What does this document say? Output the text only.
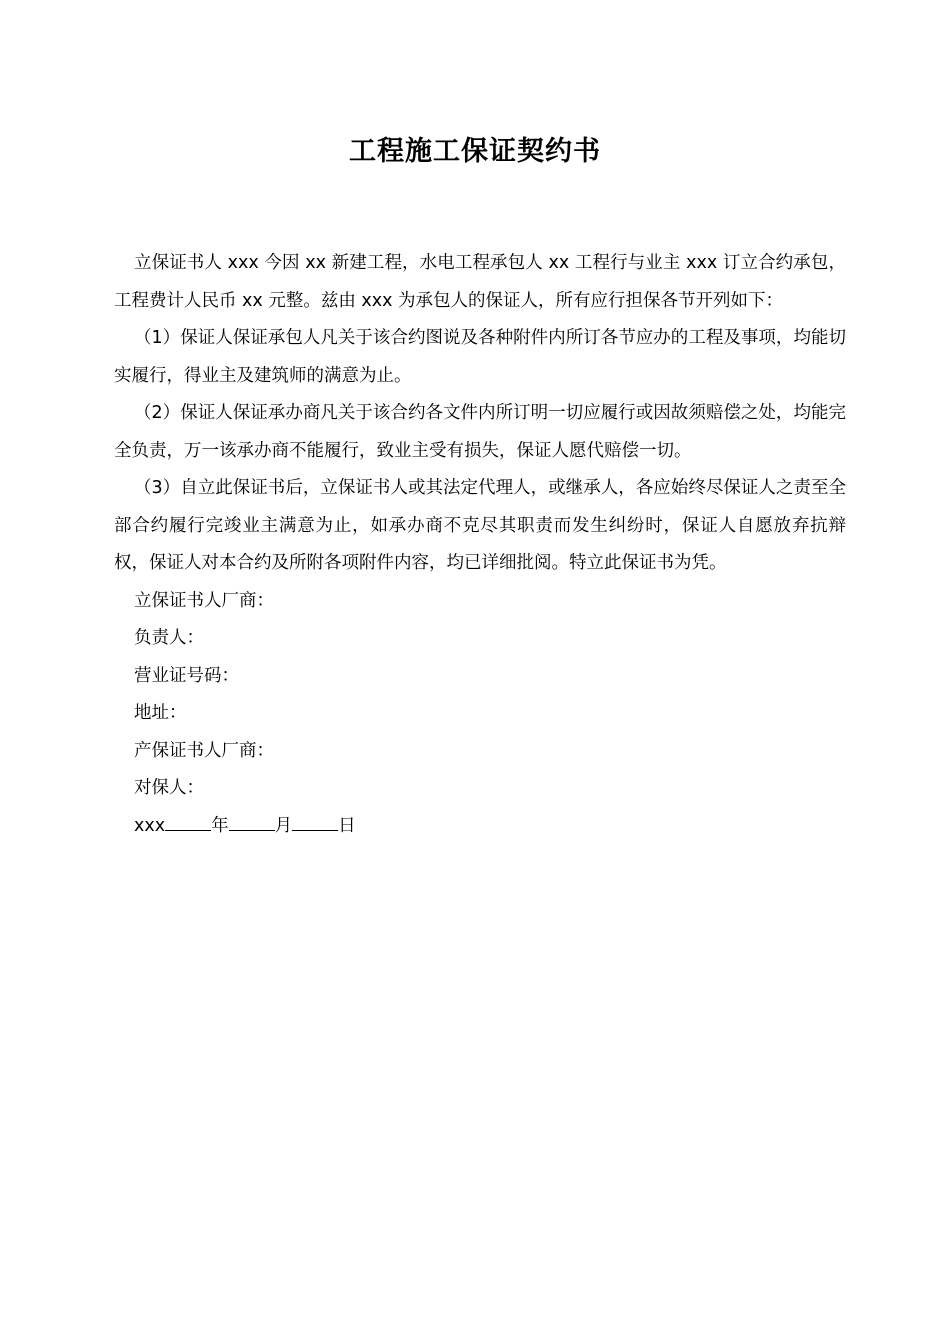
工程施工保证契约书

立保证书人 xxx 今因 xx 新建工程，水电工程承包人 xx 工程行与业主 xxx 订立合约承包，工程费计人民币 xx 元整。兹由 xxx 为承包人的保证人，所有应行担保各节开列如下：

（1）保证人保证承包人凡关于该合约图说及各种附件内所订各节应办的工程及事项，均能切实履行，得业主及建筑师的满意为止。

（2）保证人保证承办商凡关于该合约各文件内所订明一切应履行或因故须赔偿之处，均能完全负责，万一该承办商不能履行，致业主受有损失，保证人愿代赔偿一切。

（3）自立此保证书后，立保证书人或其法定代理人，或继承人，各应始终尽保证人之责至全部合约履行完竣业主满意为止，如承办商不克尽其职责而发生纠纷时，保证人自愿放弃抗辩权，保证人对本合约及所附各项附件内容，均已详细批阅。特立此保证书为凭。

立保证书人厂商：

负责人：

营业证号码：

地址：

产保证书人厂商：

对保人：

xxx	年	月	日
